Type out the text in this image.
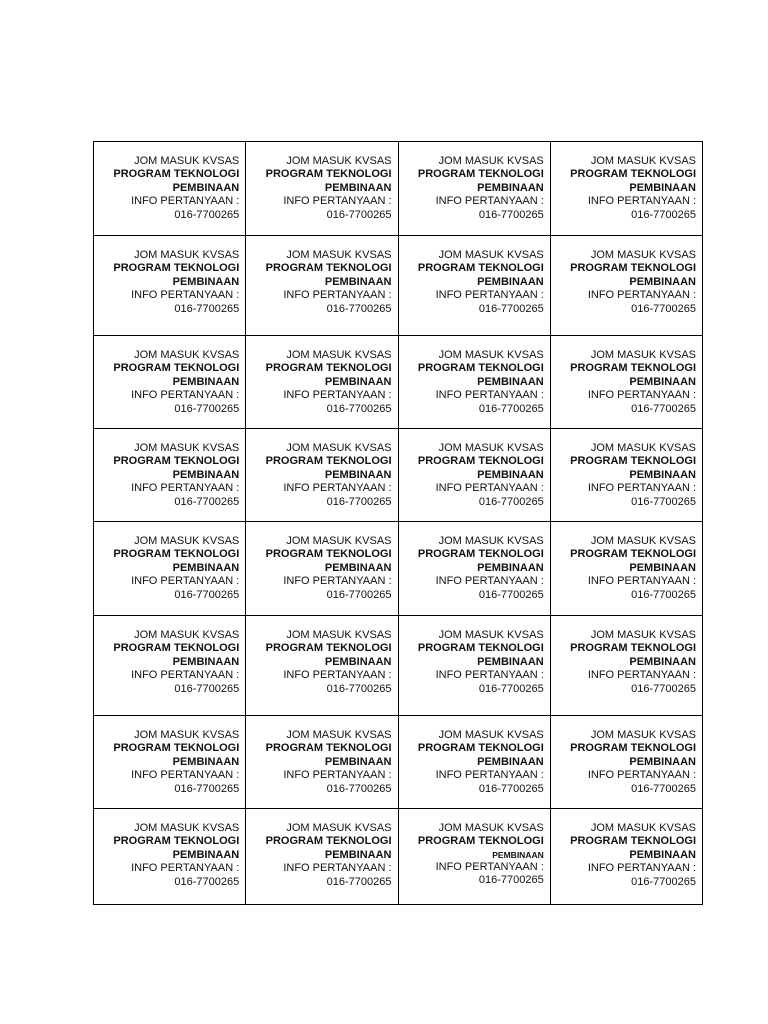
JOM MASUK KVSAS
PROGRAM TEKNOLOGI
PEMBINAAN
INFO PERTANYAAN :
016-7700265	JOM MASUK KVSAS
PROGRAM TEKNOLOGI
PEMBINAAN
INFO PERTANYAAN :
016-7700265	JOM MASUK KVSAS
PROGRAM TEKNOLOGI
PEMBINAAN
INFO PERTANYAAN :
016-7700265	JOM MASUK KVSAS
PROGRAM TEKNOLOGI
PEMBINAAN
INFO PERTANYAAN :
016-7700265

JOM MASUK KVSAS
PROGRAM TEKNOLOGI
PEMBINAAN
INFO PERTANYAAN :
016-7700265	JOM MASUK KVSAS
PROGRAM TEKNOLOGI
PEMBINAAN
INFO PERTANYAAN :
016-7700265	JOM MASUK KVSAS
PROGRAM TEKNOLOGI
PEMBINAAN
INFO PERTANYAAN :
016-7700265	JOM MASUK KVSAS
PROGRAM TEKNOLOGI
PEMBINAAN
INFO PERTANYAAN :
016-7700265

JOM MASUK KVSAS
PROGRAM TEKNOLOGI
PEMBINAAN
INFO PERTANYAAN :
016-7700265	JOM MASUK KVSAS
PROGRAM TEKNOLOGI
PEMBINAAN
INFO PERTANYAAN :
016-7700265	JOM MASUK KVSAS
PROGRAM TEKNOLOGI
PEMBINAAN
INFO PERTANYAAN :
016-7700265	JOM MASUK KVSAS
PROGRAM TEKNOLOGI
PEMBINAAN
INFO PERTANYAAN :
016-7700265

JOM MASUK KVSAS
PROGRAM TEKNOLOGI
PEMBINAAN
INFO PERTANYAAN :
016-7700265	JOM MASUK KVSAS
PROGRAM TEKNOLOGI
PEMBINAAN
INFO PERTANYAAN :
016-7700265	JOM MASUK KVSAS
PROGRAM TEKNOLOGI
PEMBINAAN
INFO PERTANYAAN :
016-7700265	JOM MASUK KVSAS
PROGRAM TEKNOLOGI
PEMBINAAN
INFO PERTANYAAN :
016-7700265

JOM MASUK KVSAS
PROGRAM TEKNOLOGI
PEMBINAAN
INFO PERTANYAAN :
016-7700265	JOM MASUK KVSAS
PROGRAM TEKNOLOGI
PEMBINAAN
INFO PERTANYAAN :
016-7700265	JOM MASUK KVSAS
PROGRAM TEKNOLOGI
PEMBINAAN
INFO PERTANYAAN :
016-7700265	JOM MASUK KVSAS
PROGRAM TEKNOLOGI
PEMBINAAN
INFO PERTANYAAN :
016-7700265

JOM MASUK KVSAS
PROGRAM TEKNOLOGI
PEMBINAAN
INFO PERTANYAAN :
016-7700265	JOM MASUK KVSAS
PROGRAM TEKNOLOGI
PEMBINAAN
INFO PERTANYAAN :
016-7700265	JOM MASUK KVSAS
PROGRAM TEKNOLOGI
PEMBINAAN
INFO PERTANYAAN :
016-7700265	JOM MASUK KVSAS
PROGRAM TEKNOLOGI
PEMBINAAN
INFO PERTANYAAN :
016-7700265

JOM MASUK KVSAS
PROGRAM TEKNOLOGI
PEMBINAAN
INFO PERTANYAAN :
016-7700265	JOM MASUK KVSAS
PROGRAM TEKNOLOGI
PEMBINAAN
INFO PERTANYAAN :
016-7700265	JOM MASUK KVSAS
PROGRAM TEKNOLOGI
PEMBINAAN
INFO PERTANYAAN :
016-7700265	JOM MASUK KVSAS
PROGRAM TEKNOLOGI
PEMBINAAN
INFO PERTANYAAN :
016-7700265

JOM MASUK KVSAS
PROGRAM TEKNOLOGI
PEMBINAAN
INFO PERTANYAAN :
016-7700265	JOM MASUK KVSAS
PROGRAM TEKNOLOGI
PEMBINAAN
INFO PERTANYAAN :
016-7700265	JOM MASUK KVSAS
PROGRAM TEKNOLOGI
PEMBINAAN
INFO PERTANYAAN :
016-7700265	JOM MASUK KVSAS
PROGRAM TEKNOLOGI
PEMBINAAN
INFO PERTANYAAN :
016-7700265
